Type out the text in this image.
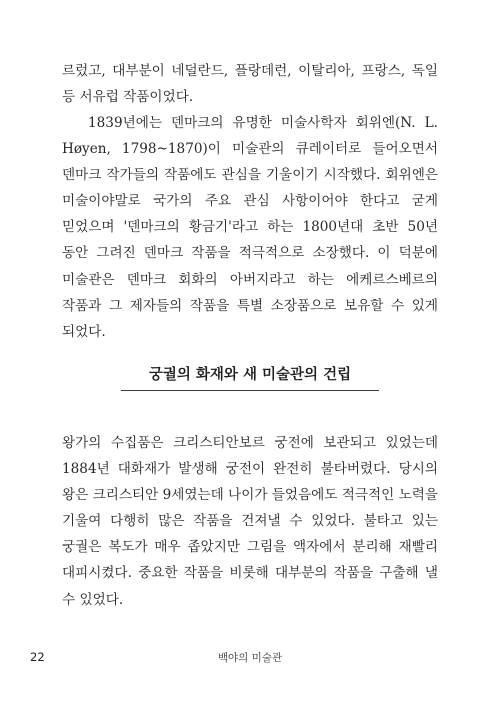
르렀고, 대부분이 네덜란드, 플랑데런, 이탈리아, 프랑스, 독일 등 서유럽 작품이었다.

1839년에는 덴마크의 유명한 미술사학자 회위엔(N. L. Høyen, 1798~1870)이 미술관의 큐레이터로 들어오면서 덴마크 작가들의 작품에도 관심을 기울이기 시작했다. 회위엔은 미술이야말로 국가의 주요 관심 사항이어야 한다고 굳게 믿었으며 '덴마크의 황금기'라고 하는 1800년대 초반 50년 동안 그려진 덴마크 작품을 적극적으로 소장했다. 이 덕분에 미술관은 덴마크 회화의 아버지라고 하는 에케르스베르의 작품과 그 제자들의 작품을 특별 소장품으로 보유할 수 있게 되었다.

궁궐의 화재와 새 미술관의 건립

왕가의 수집품은 크리스티안보르 궁전에 보관되고 있었는데 1884년 대화재가 발생해 궁전이 완전히 불타버렸다. 당시의 왕은 크리스티안 9세였는데 나이가 들었음에도 적극적인 노력을 기울여 다행히 많은 작품을 건져낼 수 있었다. 불타고 있는 궁궐은 복도가 매우 좁았지만 그림을 액자에서 분리해 재빨리 대피시켰다. 중요한 작품을 비롯해 대부분의 작품을 구출해 낼 수 있었다.

22	백야의 미술관
